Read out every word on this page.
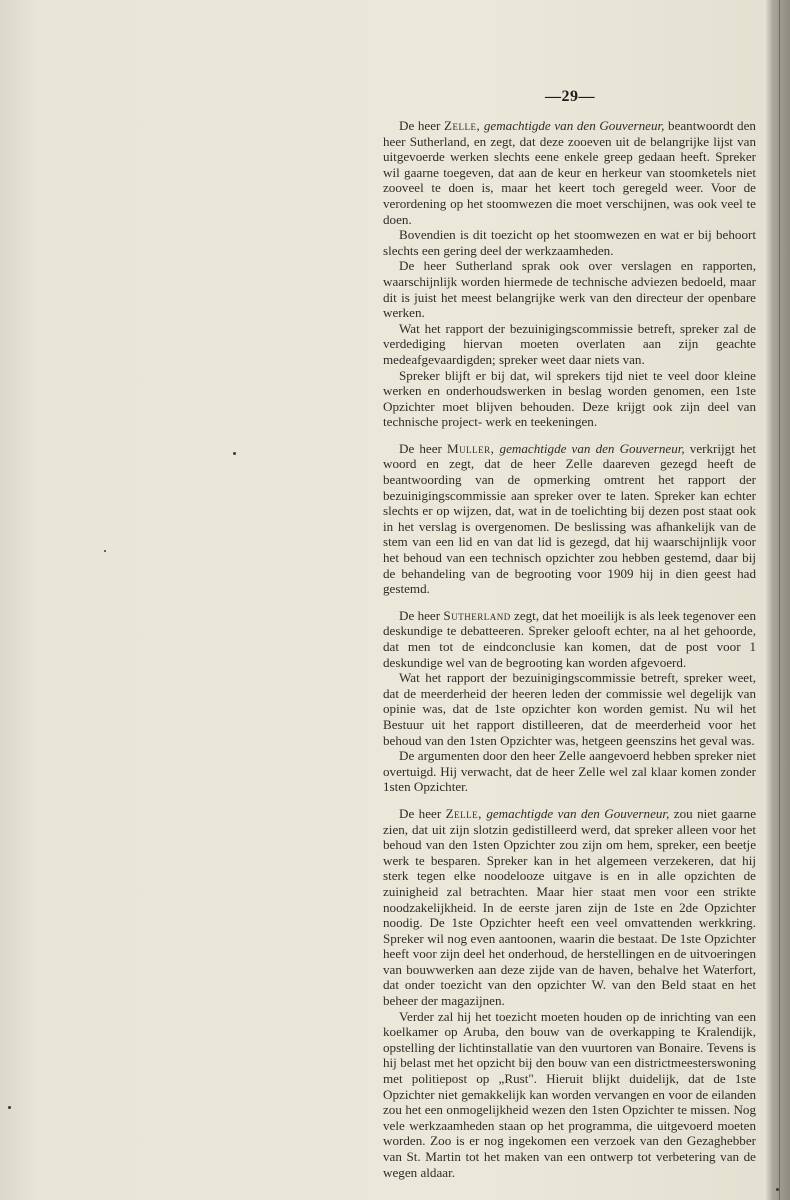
—29—

De heer Zelle, gemachtigde van den Gouverneur, beantwoordt den heer Sutherland, en zegt, dat deze zooeven uit de belangrijke lijst van uitgevoerde werken slechts eene enkele greep gedaan heeft. Spreker wil gaarne toegeven, dat aan de keur en herkeur van stoomketels niet zooveel te doen is, maar het keert toch geregeld weer. Voor de verordening op het stoomwezen die moet verschijnen, was ook veel te doen.

Bovendien is dit toezicht op het stoomwezen en wat er bij behoort slechts een gering deel der werkzaamheden.

De heer Sutherland sprak ook over verslagen en rapporten, waarschijnlijk worden hiermede de technische adviezen bedoeld, maar dit is juist het meest belangrijke werk van den directeur der openbare werken.

Wat het rapport der bezuinigingscommissie betreft, spreker zal de verdediging hiervan moeten overlaten aan zijn geachte medeafgevaardigden; spreker weet daar niets van.

Spreker blijft er bij dat, wil sprekers tijd niet te veel door kleine werken en onderhoudswerken in beslag worden genomen, een 1ste Opzichter moet blijven behouden. Deze krijgt ook zijn deel van technische project- werk en teekeningen.

De heer Muller, gemachtigde van den Gouverneur, verkrijgt het woord en zegt, dat de heer Zelle daareven gezegd heeft de beantwoording van de opmerking omtrent het rapport der bezuinigingscommissie aan spreker over te laten. Spreker kan echter slechts er op wijzen, dat, wat in de toelichting bij dezen post staat ook in het verslag is overgenomen. De beslissing was afhankelijk van de stem van een lid en van dat lid is gezegd, dat hij waarschijnlijk voor het behoud van een technisch opzichter zou hebben gestemd, daar bij de behandeling van de begrooting voor 1909 hij in dien geest had gestemd.

De heer Sutherland zegt, dat het moeilijk is als leek tegenover een deskundige te debatteeren. Spreker gelooft echter, na al het gehoorde, dat men tot de eindconclusie kan komen, dat de post voor 1 deskundige wel van de begrooting kan worden afgevoerd.

Wat het rapport der bezuinigingscommissie betreft, spreker weet, dat de meerderheid der heeren leden der commissie wel degelijk van opinie was, dat de 1ste opzichter kon worden gemist. Nu wil het Bestuur uit het rapport distilleeren, dat de meerderheid voor het behoud van den 1sten Opzichter was, hetgeen geenszins het geval was.

De argumenten door den heer Zelle aangevoerd hebben spreker niet overtuigd. Hij verwacht, dat de heer Zelle wel zal klaar komen zonder 1sten Opzichter.

De heer Zelle, gemachtigde van den Gouverneur, zou niet gaarne zien, dat uit zijn slotzin gedistilleerd werd, dat spreker alleen voor het behoud van den 1sten Opzichter zou zijn om hem, spreker, een beetje werk te besparen. Spreker kan in het algemeen verzekeren, dat hij sterk tegen elke noodelooze uitgave is en in alle opzichten de zuinigheid zal betrachten. Maar hier staat men voor een strikte noodzakelijkheid. In de eerste jaren zijn de 1ste en 2de Opzichter noodig. De 1ste Opzichter heeft een veel omvattenden werkkring. Spreker wil nog even aantoonen, waarin die bestaat. De 1ste Opzichter heeft voor zijn deel het onderhoud, de herstellingen en de uitvoeringen van bouwwerken aan deze zijde van de haven, behalve het Waterfort, dat onder toezicht van den opzichter W. van den Beld staat en het beheer der magazijnen.

Verder zal hij het toezicht moeten houden op de inrichting van een koelkamer op Aruba, den bouw van de overkapping te Kralendijk, opstelling der lichtinstallatie van den vuurtoren van Bonaire. Tevens is hij belast met het opzicht bij den bouw van een districtmeesterswoning met politiepost op „Rust". Hieruit blijkt duidelijk, dat de 1ste Opzichter niet gemakkelijk kan worden vervangen en voor de eilanden zou het een onmogelijkheid wezen den 1sten Opzichter te missen. Nog vele werkzaamheden staan op het programma, die uitgevoerd moeten worden. Zoo is er nog ingekomen een verzoek van den Gezaghebber van St. Martin tot het maken van een ontwerp tot verbetering van de wegen aldaar.
